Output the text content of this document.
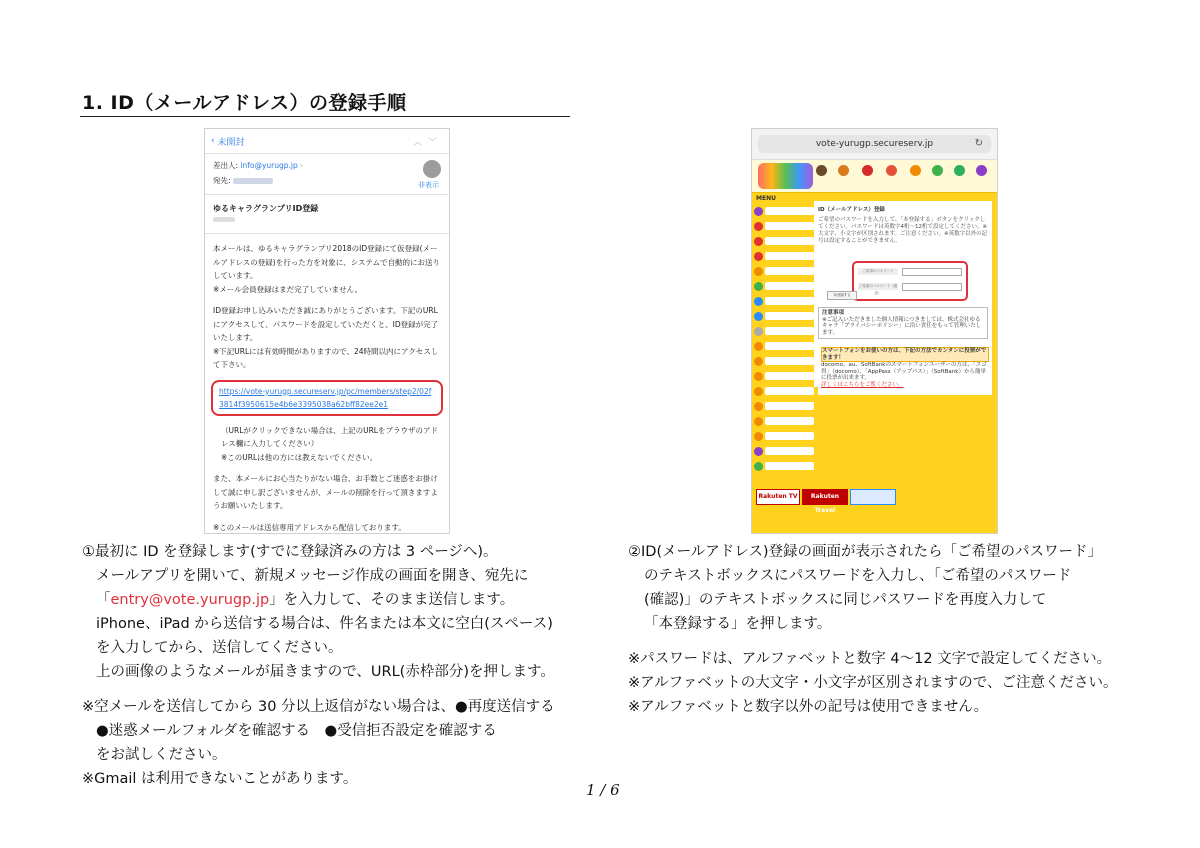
1. ID（メールアドレス）の登録手順
‹ 未開封	︿﹀
差出人: info@yurugp.jp ›
宛先:	非表示
ゆるキャラグランプリID登録

本メールは、ゆるキャラグランプリ2018のID登録にて仮登録(メールアドレスの登録)を行った方を対象に、システムで自動的にお送りしています。
※メール会員登録はまだ完了していません。

ID登録お申し込みいただき誠にありがとうございます。下記のURLにアクセスして、パスワードを設定していただくと、ID登録が完了いたします。
※下記URLには有効時間がありますので、24時間以内にアクセスして下さい。

https://vote-yurugp.secureserv.jp/pc/members/step2/02f3814f3950615e4b6e3395038a62bff82ee2e1

（URLがクリックできない場合は、上記のURLをブラウザのアドレス欄に入力してください）
※このURLは他の方には教えないでください。

また、本メールにお心当たりがない場合、お手数とご迷惑をお掛けして誠に申し訳ございませんが、メールの削除を行って頂きますようお願いいたします。

※このメールは送信専用アドレスから配信しております。

vote-yurugp.secureserv.jp	↻
MENU
ID（メールアドレス）登録
ご希望のパスワードを入力して、「本登録する」ボタンをクリックしてください。パスワードは英数字4桁〜12桁で設定してください。※大文字、小文字が区別されます。ご注意ください。※英数字以外の記号は設定することができません。
ご希望のパスワード
ご希望のパスワード（確認）
本登録する
注意事項
※ご記入いただきました個人情報につきましては、株式会社ゆるキャラ「プライバシーポリシー」に沿い責任をもって管理いたします。
スマートフォンをお使いの方は、下記の方法でカンタンに投票ができます！
docomo、au、SoftBankのスマートフォンユーザーの方は、「スゴ得」（docomo）、「AppPass（アップパス）」（SoftBank）から簡単に投票が出来ます。
詳しくはこちらをご覧ください。
Rakuten TV	Rakuten Travel
①最初に ID を登録します(すでに登録済みの方は 3 ページへ)。
メールアプリを開いて、新規メッセージ作成の画面を開き、宛先に
「entry@vote.yurugp.jp」を入力して、そのまま送信します。
iPhone、iPad から送信する場合は、件名または本文に空白(スペース)
を入力してから、送信してください。
上の画像のようなメールが届きますので、URL(赤枠部分)を押します。
※空メールを送信してから 30 分以上返信がない場合は、●再度送信する
●迷惑メールフォルダを確認する　●受信拒否設定を確認する
をお試しください。
※Gmail は利用できないことがあります。
②ID(メールアドレス)登録の画面が表示されたら「ご希望のパスワード」
のテキストボックスにパスワードを入力し、「ご希望のパスワード
(確認)」のテキストボックスに同じパスワードを再度入力して
「本登録する」を押します。
※パスワードは、アルファベットと数字 4～12 文字で設定してください。
※アルファベットの大文字・小文字が区別されますので、ご注意ください。
※アルファベットと数字以外の記号は使用できません。
1 / 6
